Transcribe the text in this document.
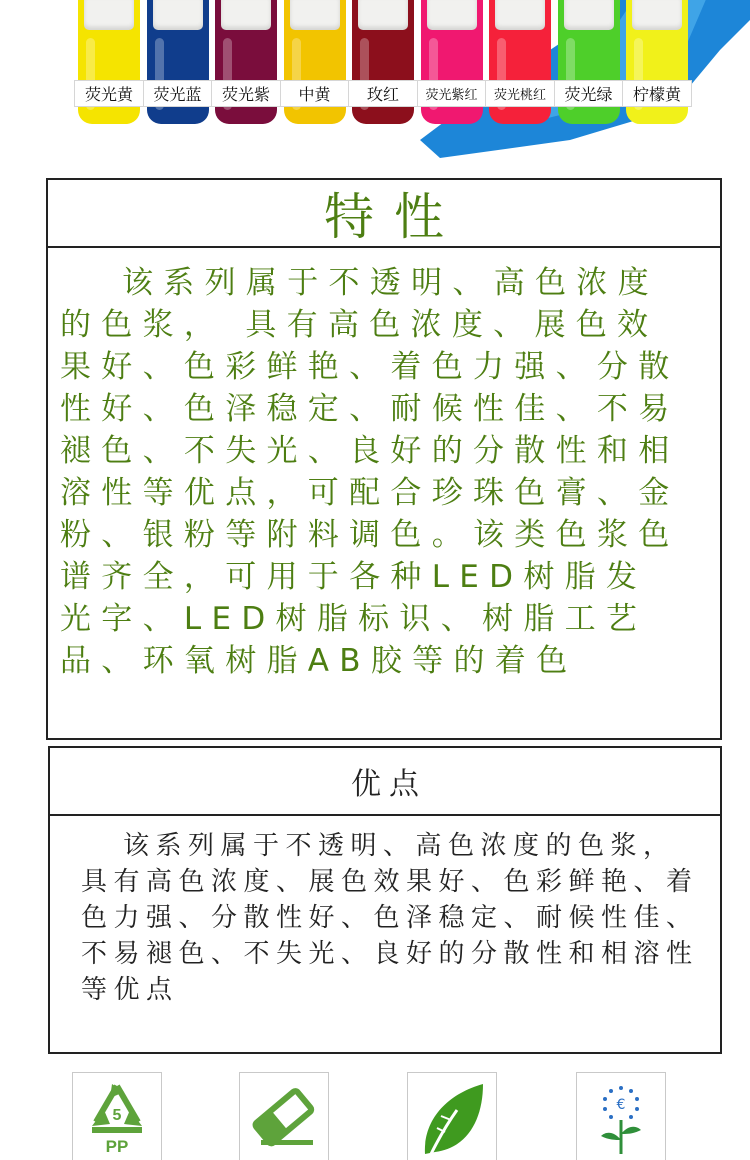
荧光黄	荧光蓝	荧光紫	中黄	玫红	荧光紫红	荧光桃红	荧光绿	柠檬黄
特性

该系列属于不透明、高色浓度的色浆， 具有高色浓度、展色效果好、色彩鲜艳、着色力强、分散性好、色泽稳定、耐候性佳、不易褪色、不失光、良好的分散性和相溶性等优点，可配合珍珠色膏、金粉、银粉等附料调色。该类色浆色谱齐全，可用于各种LED树脂发光字、LED树脂标识、树脂工艺品、环氧树脂AB胶等的着色

优点

该系列属于不透明、高色浓度的色浆，具有高色浓度、展色效果好、色彩鲜艳、着色力强、分散性好、色泽稳定、耐候性佳、不易褪色、不失光、良好的分散性和相溶性等优点

5
PP
€
